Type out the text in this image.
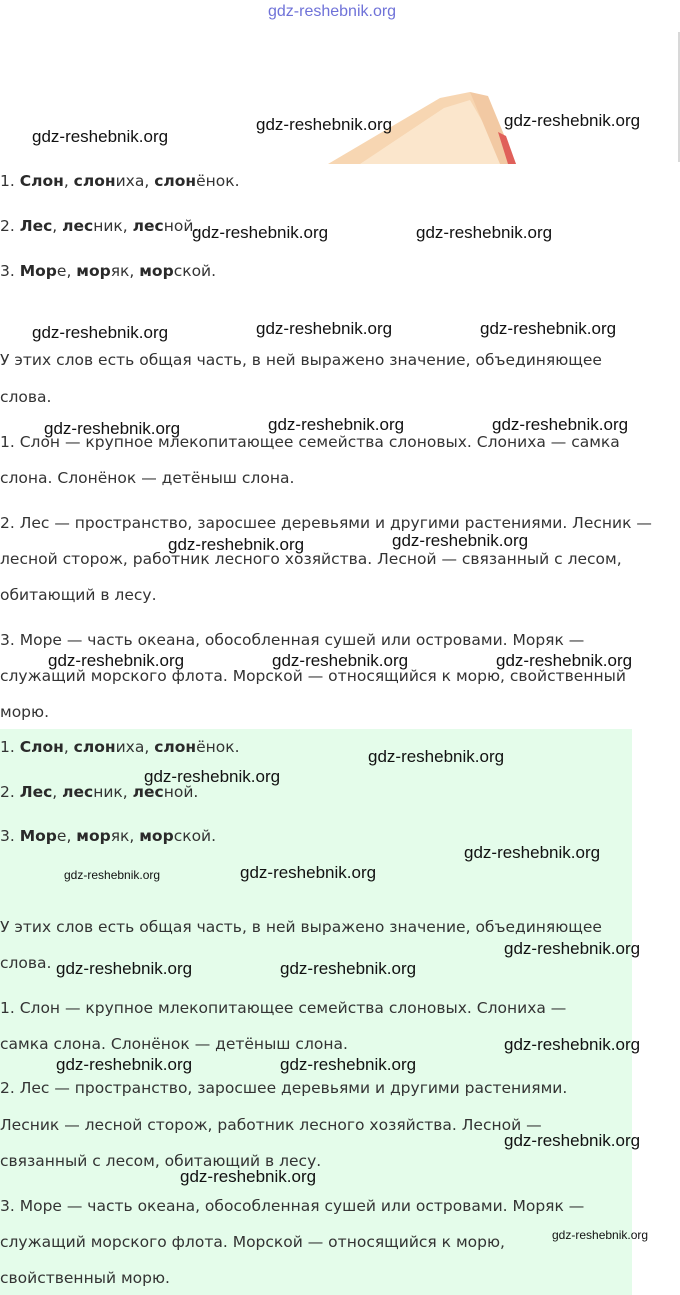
gdz-reshebnik.org
1. Слон, слониха, слонёнок.
2. Лес, лесник, лесной.
3. Море, моряк, морской.
У этих слов есть общая часть, в ней выражено значение, объединяющее
слова.
1. Слон — крупное млекопитающее семейства слоновых. Слониха — самка
слона. Слонёнок — детёныш слона.
2. Лес — пространство, заросшее деревьями и другими растениями. Лесник —
лесной сторож, работник лесного хозяйства. Лесной — связанный с лесом,
обитающий в лесу.
3. Море — часть океана, обособленная сушей или островами. Моряк —
служащий морского флота. Морской — относящийся к морю, свойственный
морю.
1. Слон, слониха, слонёнок.
2. Лес, лесник, лесной.
3. Море, моряк, морской.
У этих слов есть общая часть, в ней выражено значение, объединяющее
слова.
1. Слон — крупное млекопитающее семейства слоновых. Слониха —
самка слона. Слонёнок — детёныш слона.
2. Лес — пространство, заросшее деревьями и другими растениями.
Лесник — лесной сторож, работник лесного хозяйства. Лесной —
связанный с лесом, обитающий в лесу.
3. Море — часть океана, обособленная сушей или островами. Моряк —
служащий морского флота. Морской — относящийся к морю,
свойственный морю.
gdz-reshebnik.org
gdz-reshebnik.org	gdz-reshebnik.org
gdz-reshebnik.org	gdz-reshebnik.org
gdz-reshebnik.org	gdz-reshebnik.org	gdz-reshebnik.org
gdz-reshebnik.org	gdz-reshebnik.org	gdz-reshebnik.org
gdz-reshebnik.org	gdz-reshebnik.org
gdz-reshebnik.org	gdz-reshebnik.org	gdz-reshebnik.org
gdz-reshebnik.org
gdz-reshebnik.org
gdz-reshebnik.org
gdz-reshebnik.org	gdz-reshebnik.org
gdz-reshebnik.org
gdz-reshebnik.org	gdz-reshebnik.org
gdz-reshebnik.org
gdz-reshebnik.org	gdz-reshebnik.org
gdz-reshebnik.org
gdz-reshebnik.org
gdz-reshebnik.org
